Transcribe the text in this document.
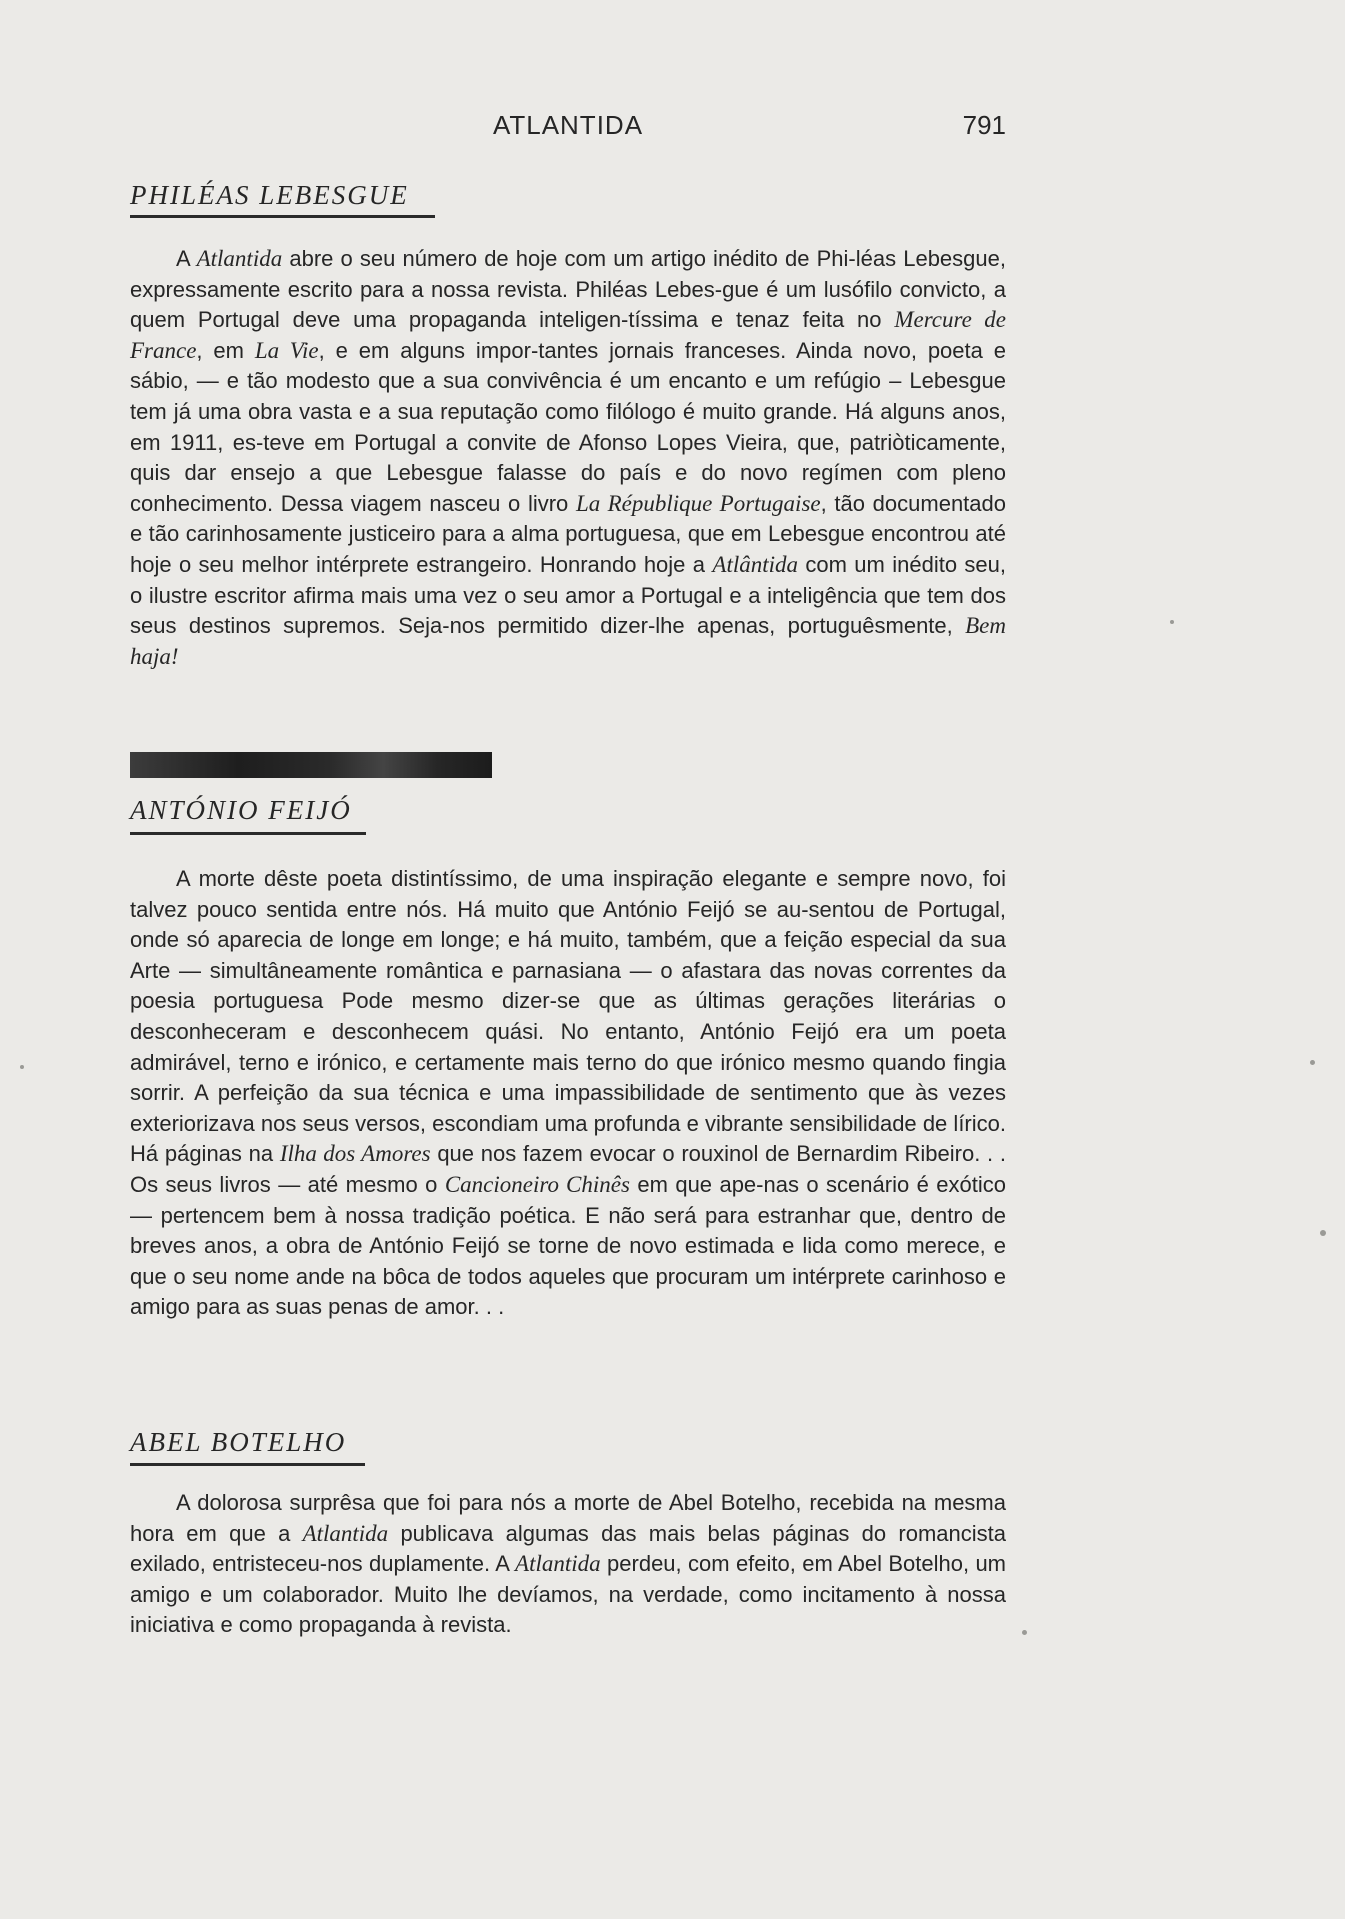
ATLANTIDA	791
PHILÉAS LEBESGUE

A Atlantida abre o seu número de hoje com um artigo inédito de Phi-léas Lebesgue, expressamente escrito para a nossa revista. Philéas Lebes-gue é um lusófilo convicto, a quem Portugal deve uma propaganda inteligen-tíssima e tenaz feita no Mercure de France, em La Vie, e em alguns impor-tantes jornais franceses. Ainda novo, poeta e sábio, — e tão modesto que a sua convivência é um encanto e um refúgio – Lebesgue tem já uma obra vasta e a sua reputação como filólogo é muito grande. Há alguns anos, em 1911, es-teve em Portugal a convite de Afonso Lopes Vieira, que, patriòticamente, quis dar ensejo a que Lebesgue falasse do país e do novo regímen com pleno conhecimento. Dessa viagem nasceu o livro La République Portugaise, tão documentado e tão carinhosamente justiceiro para a alma portuguesa, que em Lebesgue encontrou até hoje o seu melhor intérprete estrangeiro. Honrando hoje a Atlântida com um inédito seu, o ilustre escritor afirma mais uma vez o seu amor a Portugal e a inteligência que tem dos seus destinos supremos. Seja-nos permitido dizer-lhe apenas, portuguêsmente, Bem haja!

ANTÓNIO FEIJÓ

A morte dêste poeta distintíssimo, de uma inspiração elegante e sempre novo, foi talvez pouco sentida entre nós. Há muito que António Feijó se au-sentou de Portugal, onde só aparecia de longe em longe; e há muito, também, que a feição especial da sua Arte — simultâneamente romântica e parnasiana — o afastara das novas correntes da poesia portuguesa Pode mesmo dizer-se que as últimas gerações literárias o desconheceram e desconhecem quási. No entanto, António Feijó era um poeta admirável, terno e irónico, e certamente mais terno do que irónico mesmo quando fingia sorrir. A perfeição da sua técnica e uma impassibilidade de sentimento que às vezes exteriorizava nos seus versos, escondiam uma profunda e vibrante sensibilidade de lírico. Há páginas na Ilha dos Amores que nos fazem evocar o rouxinol de Bernardim Ribeiro. . . Os seus livros — até mesmo o Cancioneiro Chinês em que ape-nas o scenário é exótico — pertencem bem à nossa tradição poética. E não será para estranhar que, dentro de breves anos, a obra de António Feijó se torne de novo estimada e lida como merece, e que o seu nome ande na bôca de todos aqueles que procuram um intérprete carinhoso e amigo para as suas penas de amor. . .

ABEL BOTELHO

A dolorosa surprêsa que foi para nós a morte de Abel Botelho, recebida na mesma hora em que a Atlantida publicava algumas das mais belas páginas do romancista exilado, entristeceu-nos duplamente. A Atlantida perdeu, com efeito, em Abel Botelho, um amigo e um colaborador. Muito lhe devíamos, na verdade, como incitamento à nossa iniciativa e como propaganda à revista.
